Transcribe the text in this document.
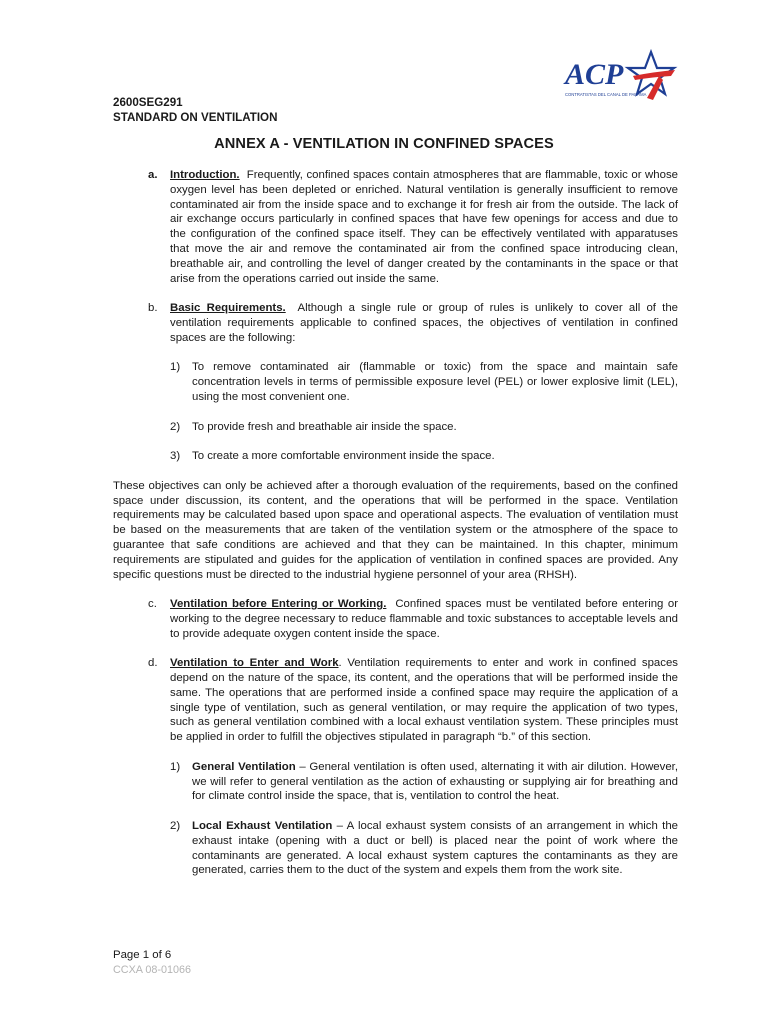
ACP
CONTRATISTAS DEL CANAL DE PANAMA
2600SEG291
STANDARD ON VENTILATION
ANNEX A - VENTILATION IN CONFINED SPACES
a. Introduction. Frequently, confined spaces contain atmospheres that are flammable, toxic or whose oxygen level has been depleted or enriched. Natural ventilation is generally insufficient to remove contaminated air from the inside space and to exchange it for fresh air from the outside. The lack of air exchange occurs particularly in confined spaces that have few openings for access and due to the configuration of the confined space itself. They can be effectively ventilated with apparatuses that move the air and remove the contaminated air from the confined space introducing clean, breathable air, and controlling the level of danger created by the contaminants in the space or that arise from the operations carried out inside the same.
b. Basic Requirements. Although a single rule or group of rules is unlikely to cover all of the ventilation requirements applicable to confined spaces, the objectives of ventilation in confined spaces are the following:
1) To remove contaminated air (flammable or toxic) from the space and maintain safe concentration levels in terms of permissible exposure level (PEL) or lower explosive limit (LEL), using the most convenient one.
2) To provide fresh and breathable air inside the space.
3) To create a more comfortable environment inside the space.
These objectives can only be achieved after a thorough evaluation of the requirements, based on the confined space under discussion, its content, and the operations that will be performed in the space. Ventilation requirements may be calculated based upon space and operational aspects. The evaluation of ventilation must be based on the measurements that are taken of the ventilation system or the atmosphere of the space to guarantee that safe conditions are achieved and that they can be maintained. In this chapter, minimum requirements are stipulated and guides for the application of ventilation in confined spaces are provided. Any specific questions must be directed to the industrial hygiene personnel of your area (RHSH).
c. Ventilation before Entering or Working. Confined spaces must be ventilated before entering or working to the degree necessary to reduce flammable and toxic substances to acceptable levels and to provide adequate oxygen content inside the space.
d. Ventilation to Enter and Work. Ventilation requirements to enter and work in confined spaces depend on the nature of the space, its content, and the operations that will be performed inside the same. The operations that are performed inside a confined space may require the application of a single type of ventilation, such as general ventilation, or may require the application of two types, such as general ventilation combined with a local exhaust ventilation system. These principles must be applied in order to fulfill the objectives stipulated in paragraph “b.” of this section.
1) General Ventilation – General ventilation is often used, alternating it with air dilution. However, we will refer to general ventilation as the action of exhausting or supplying air for breathing and for climate control inside the space, that is, ventilation to control the heat.
2) Local Exhaust Ventilation – A local exhaust system consists of an arrangement in which the exhaust intake (opening with a duct or bell) is placed near the point of work where the contaminants are generated. A local exhaust system captures the contaminants as they are generated, carries them to the duct of the system and expels them from the work site.
Page 1 of 6
CCXA 08-01066
